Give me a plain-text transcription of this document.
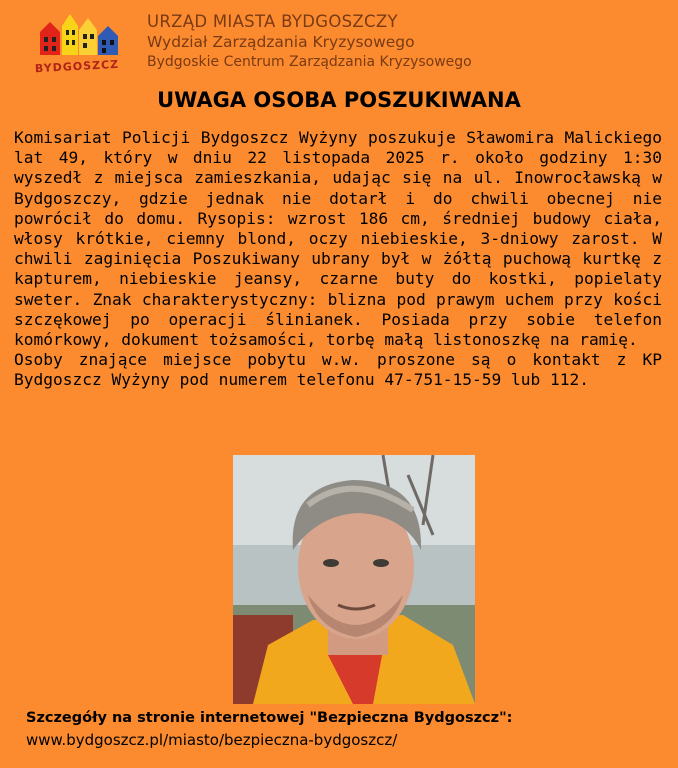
BYDGOSZCZ
URZĄD MIASTA BYDGOSZCZY
Wydział Zarządzania Kryzysowego
Bydgoskie Centrum Zarządzania Kryzysowego
UWAGA OSOBA POSZUKIWANA

Komisariat Policji Bydgoszcz Wyżyny poszukuje Sławomira Malickiego lat 49, który w dniu 22 listopada 2025 r. około godziny 1:30 wyszedł z miejsca zamieszkania, udając się na ul. Inowrocławską w Bydgoszczy, gdzie jednak nie dotarł i do chwili obecnej nie powrócił do domu. Rysopis: wzrost 186 cm, średniej budowy ciała, włosy krótkie, ciemny blond, oczy niebieskie, 3-dniowy zarost. W chwili zaginięcia Poszukiwany ubrany był w żółtą puchową kurtkę z kapturem, niebieskie jeansy, czarne buty do kostki, popielaty sweter. Znak charakterystyczny: blizna pod prawym uchem przy kości szczękowej po operacji ślinianek. Posiada przy sobie telefon komórkowy, dokument tożsamości, torbę małą listonoszkę na ramię.

Osoby znające miejsce pobytu w.w. proszone są o kontakt z KP Bydgoszcz Wyżyny pod numerem telefonu 47-751-15-59 lub 112.

Szczegóły na stronie internetowej "Bezpieczna Bydgoszcz":
www.bydgoszcz.pl/miasto/bezpieczna-bydgoszcz/
